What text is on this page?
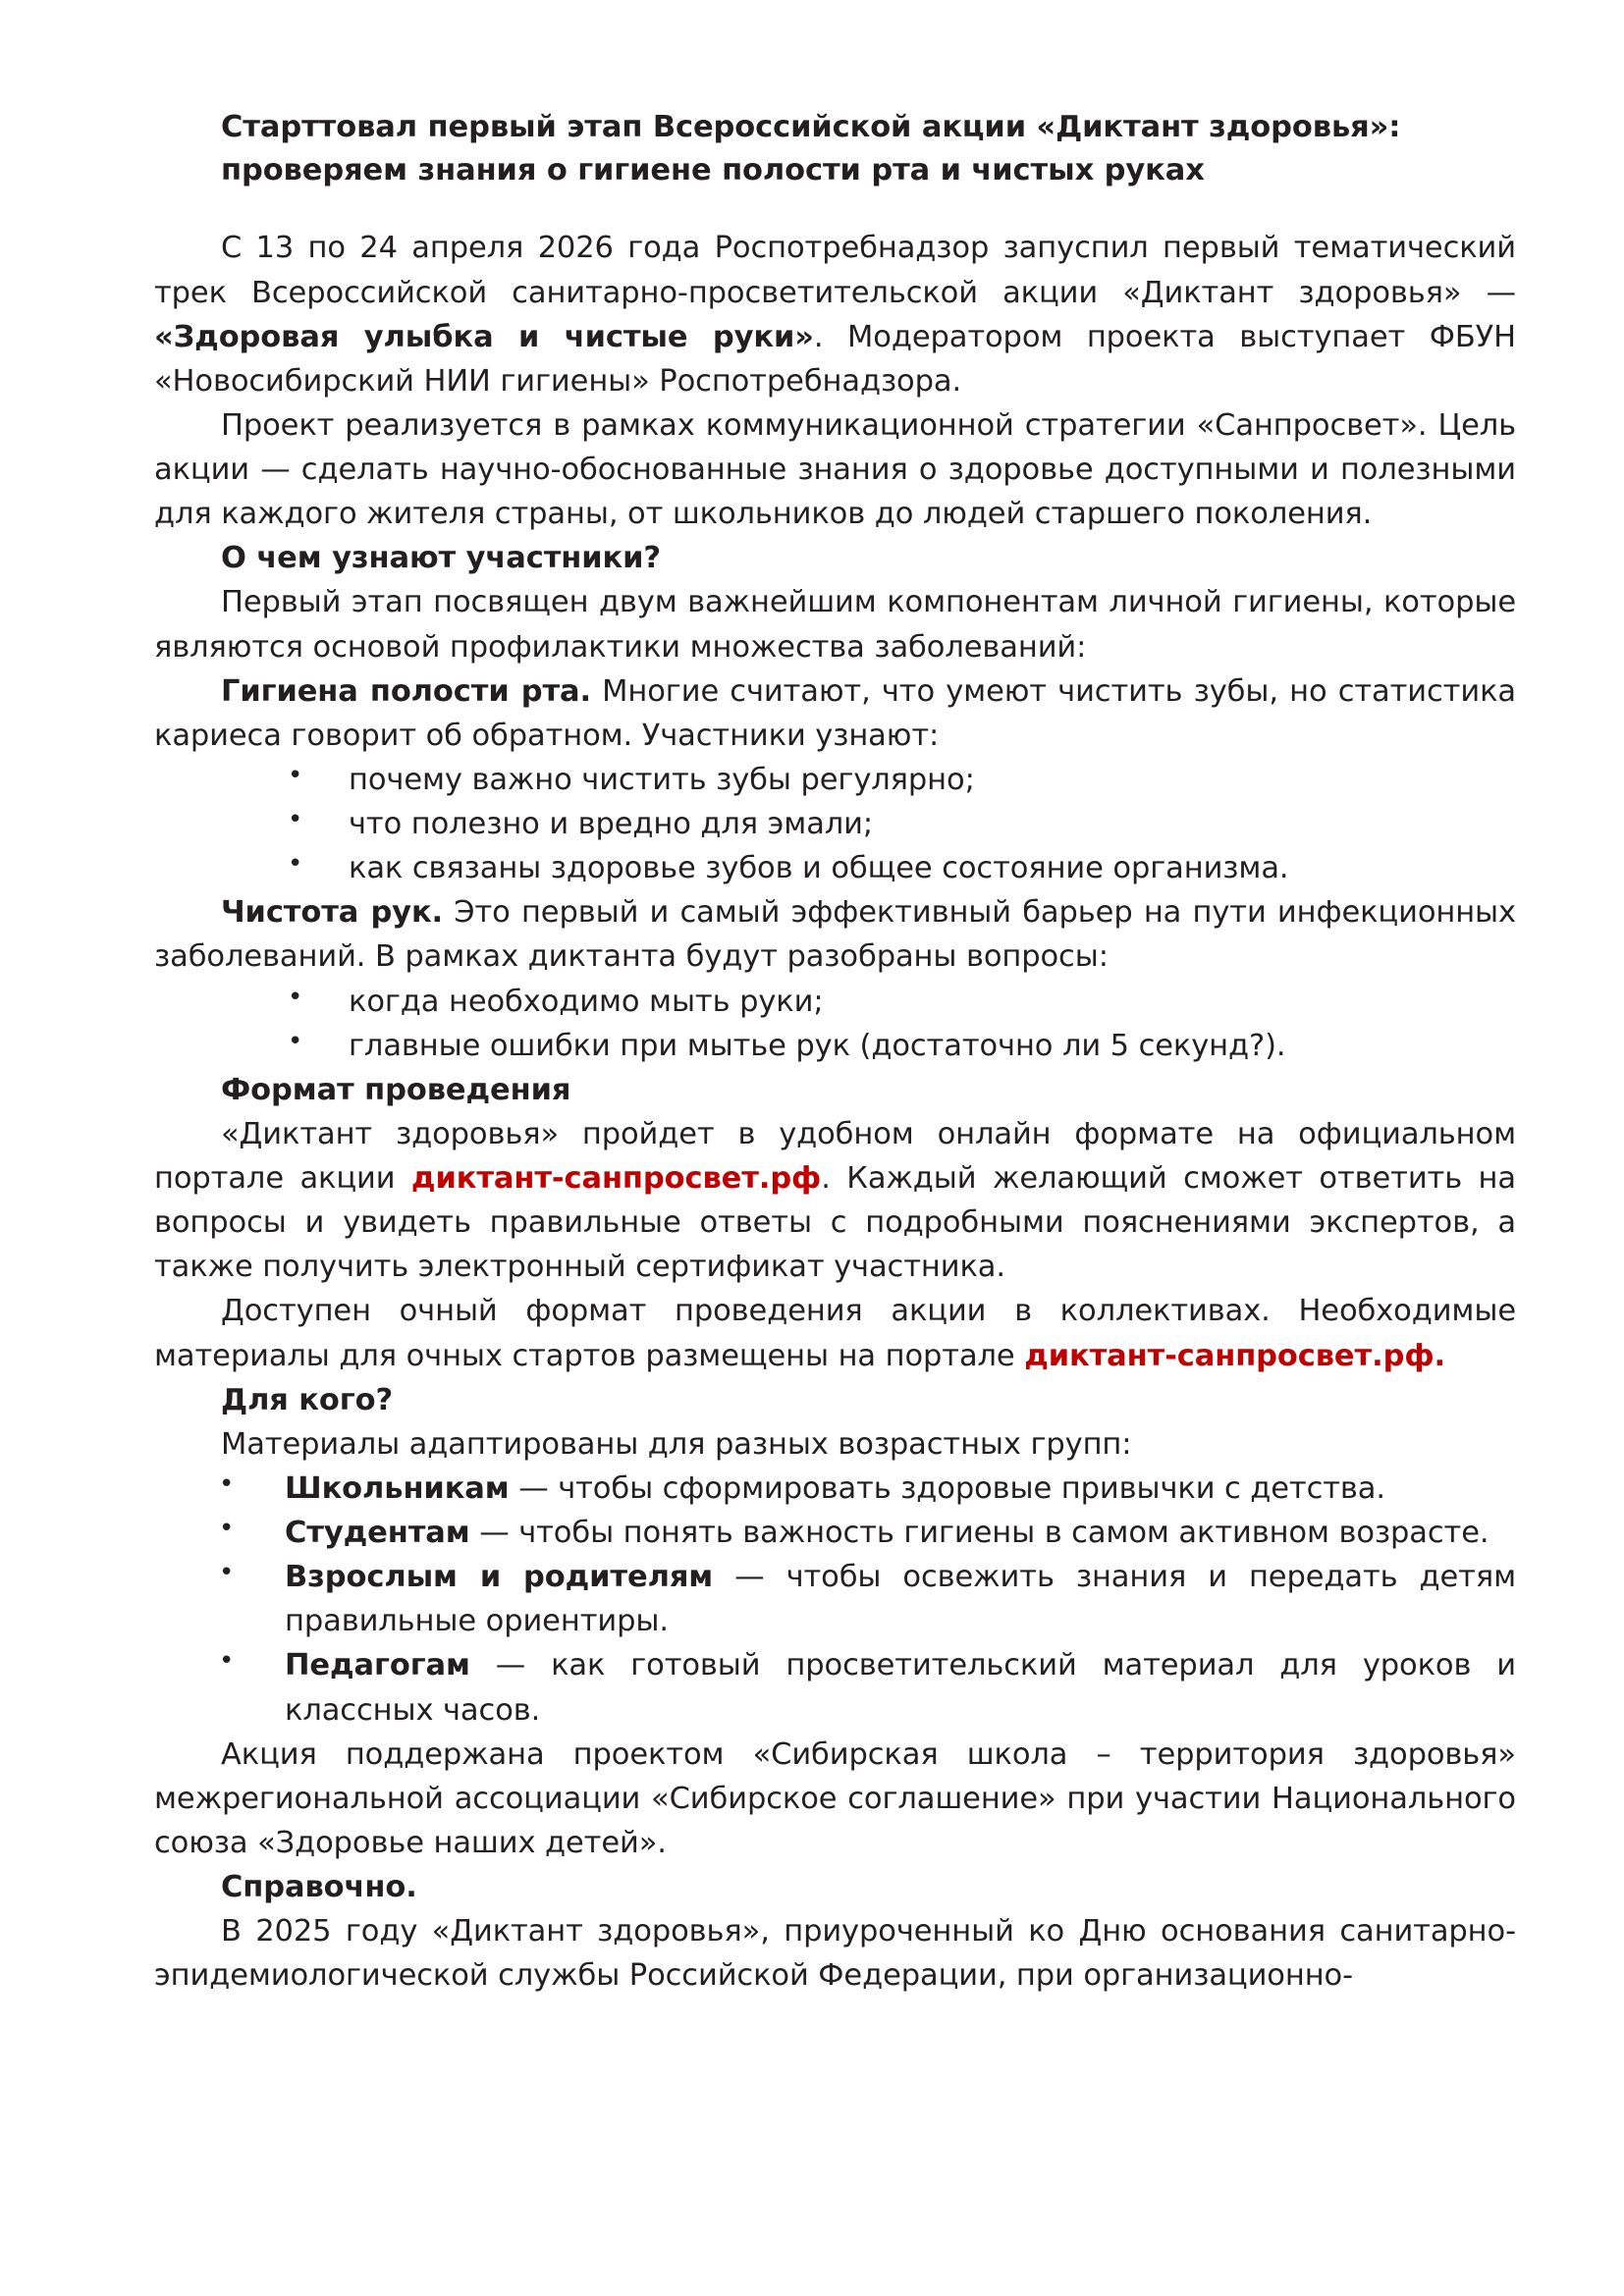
Старттовал первый этап Всероссийской акции «Диктант здоровья»:
проверяем знания о гигиене полости рта и чистых руках

С 13 по 24 апреля 2026 года Роспотребнадзор запуспил первый тематический трек Всероссийской санитарно-просветительской акции «Диктант здоровья» — «Здоровая улыбка и чистые руки». Модератором проекта выступает ФБУН «Новосибирский НИИ гигиены» Роспотребнадзора.

Проект реализуется в рамках коммуникационной стратегии «Санпросвет». Цель акции — сделать научно-обоснованные знания о здоровье доступными и полезными для каждого жителя страны, от школьников до людей старшего поколения.

О чем узнают участники?

Первый этап посвящен двум важнейшим компонентам личной гигиены, которые являются основой профилактики множества заболеваний:

Гигиена полости рта. Многие считают, что умеют чистить зубы, но статистика кариеса говорит об обратном. Участники узнают:

• почему важно чистить зубы регулярно;
• что полезно и вредно для эмали;
• как связаны здоровье зубов и общее состояние организма.

Чистота рук. Это первый и самый эффективный барьер на пути инфекционных заболеваний. В рамках диктанта будут разобраны вопросы:

• когда необходимо мыть руки;
• главные ошибки при мытье рук (достаточно ли 5 секунд?).

Формат проведения

«Диктант здоровья» пройдет в удобном онлайн формате на официальном портале акции диктант-санпросвет.рф. Каждый желающий сможет ответить на вопросы и увидеть правильные ответы с подробными пояснениями экспертов, а также получить электронный сертификат участника.

Доступен очный формат проведения акции в коллективах. Необходимые материалы для очных стартов размещены на портале диктант-санпросвет.рф.

Для кого?

Материалы адаптированы для разных возрастных групп:

• Школьникам — чтобы сформировать здоровые привычки с детства.
• Студентам — чтобы понять важность гигиены в самом активном возрасте.
• Взрослым и родителям — чтобы освежить знания и передать детям правильные ориентиры.
• Педагогам — как готовый просветительский материал для уроков и классных часов.

Акция поддержана проектом «Сибирская школа – территория здоровья» межрегиональной ассоциации «Сибирское соглашение» при участии Национального союза «Здоровье наших детей».

Справочно.

В 2025 году «Диктант здоровья», приуроченный ко Дню основания санитарно-эпидемиологической службы Российской Федерации, при организационно-
